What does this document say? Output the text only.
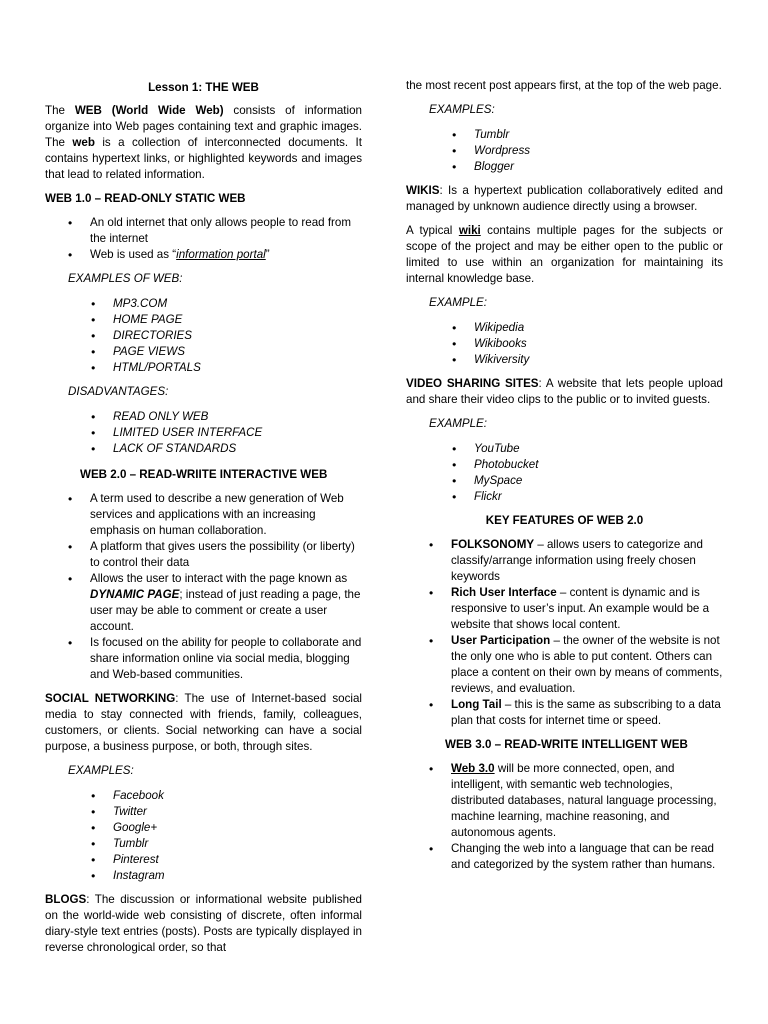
Lesson 1: THE WEB

The WEB (World Wide Web) consists of information organize into Web pages containing text and graphic images. The web is a collection of interconnected documents. It contains hypertext links, or highlighted keywords and images that lead to related information.

WEB 1.0 – READ-ONLY STATIC WEB
• An old internet that only allows people to read from the internet
• Web is used as “information portal”
EXAMPLES OF WEB:
• MP3.COM
• HOME PAGE
• DIRECTORIES
• PAGE VIEWS
• HTML/PORTALS
DISADVANTAGES:
• READ ONLY WEB
• LIMITED USER INTERFACE
• LACK OF STANDARDS
WEB 2.0 – READ-WRIITE INTERACTIVE WEB
• A term used to describe a new generation of Web services and applications with an increasing emphasis on human collaboration.
• A platform that gives users the possibility (or liberty) to control their data
• Allows the user to interact with the page known as DYNAMIC PAGE; instead of just reading a page, the user may be able to comment or create a user account.
• Is focused on the ability for people to collaborate and share information online via social media, blogging and Web-based communities.

SOCIAL NETWORKING: The use of Internet-based social media to stay connected with friends, family, colleagues, customers, or clients. Social networking can have a social purpose, a business purpose, or both, through sites.

EXAMPLES:
• Facebook
• Twitter
• Google+
• Tumblr
• Pinterest
• Instagram

BLOGS: The discussion or informational website published on the world-wide web consisting of discrete, often informal diary-style text entries (posts). Posts are typically displayed in reverse chronological order, so that

the most recent post appears first, at the top of the web page.

EXAMPLES:
• Tumblr
• Wordpress
• Blogger

WIKIS: Is a hypertext publication collaboratively edited and managed by unknown audience directly using a browser.

A typical wiki contains multiple pages for the subjects or scope of the project and may be either open to the public or limited to use within an organization for maintaining its internal knowledge base.

EXAMPLE:
• Wikipedia
• Wikibooks
• Wikiversity

VIDEO SHARING SITES: A website that lets people upload and share their video clips to the public or to invited guests.

EXAMPLE:
• YouTube
• Photobucket
• MySpace
• Flickr
KEY FEATURES OF WEB 2.0
• FOLKSONOMY – allows users to categorize and classify/arrange information using freely chosen keywords
• Rich User Interface – content is dynamic and is responsive to user’s input. An example would be a website that shows local content.
• User Participation – the owner of the website is not the only one who is able to put content. Others can place a content on their own by means of comments, reviews, and evaluation.
• Long Tail – this is the same as subscribing to a data plan that costs for internet time or speed.
WEB 3.0 – READ-WRITE INTELLIGENT WEB
• Web 3.0 will be more connected, open, and intelligent, with semantic web technologies, distributed databases, natural language processing, machine learning, machine reasoning, and autonomous agents.
• Changing the web into a language that can be read and categorized by the system rather than humans.
